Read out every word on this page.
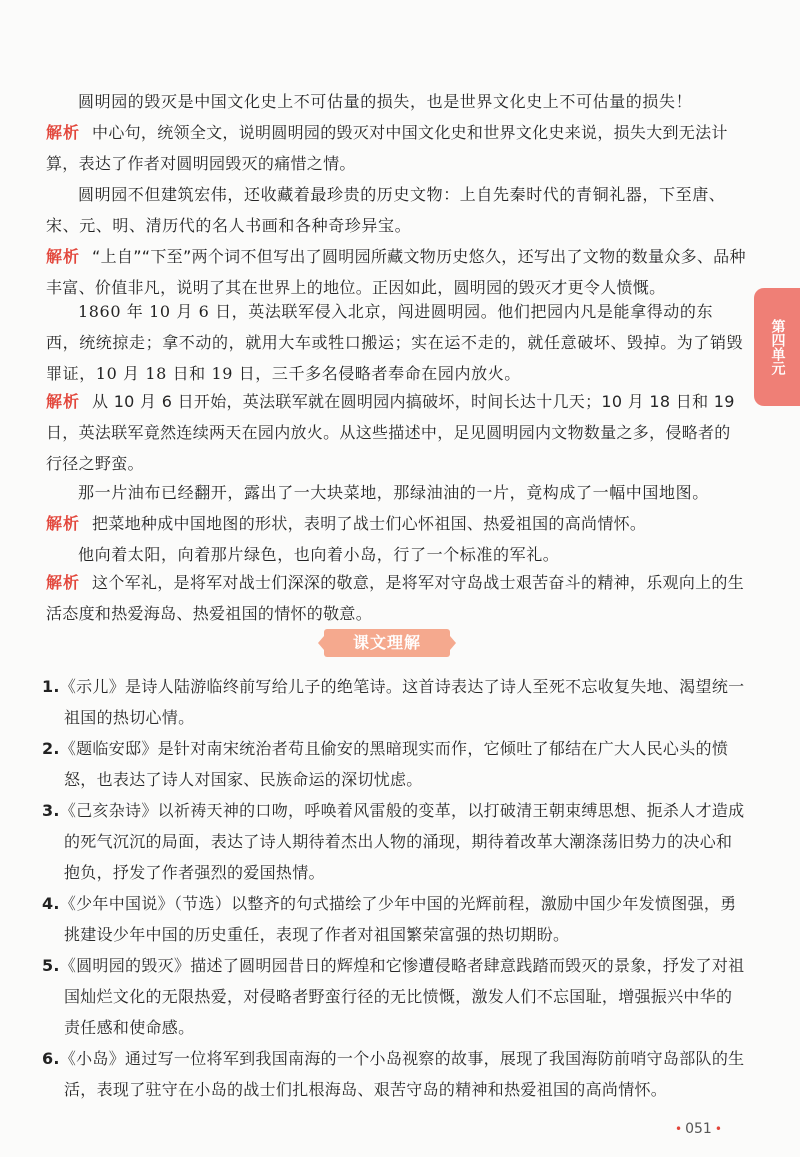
圆明园的毁灭是中国文化史上不可估量的损失，也是世界文化史上不可估量的损失！

解析 中心句，统领全文，说明圆明园的毁灭对中国文化史和世界文化史来说，损失大到无法计算，表达了作者对圆明园毁灭的痛惜之情。

圆明园不但建筑宏伟，还收藏着最珍贵的历史文物：上自先秦时代的青铜礼器，下至唐、宋、元、明、清历代的名人书画和各种奇珍异宝。

解析 “上自”“下至”两个词不但写出了圆明园所藏文物历史悠久，还写出了文物的数量众多、品种丰富、价值非凡，说明了其在世界上的地位。正因如此，圆明园的毁灭才更令人愤慨。

1860 年 10 月 6 日，英法联军侵入北京，闯进圆明园。他们把园内凡是能拿得动的东西，统统掠走；拿不动的，就用大车或牲口搬运；实在运不走的，就任意破坏、毁掉。为了销毁罪证，10 月 18 日和 19 日，三千多名侵略者奉命在园内放火。

解析 从 10 月 6 日开始，英法联军就在圆明园内搞破坏，时间长达十几天；10 月 18 日和 19 日，英法联军竟然连续两天在园内放火。从这些描述中，足见圆明园内文物数量之多，侵略者的行径之野蛮。

那一片油布已经翻开，露出了一大块菜地，那绿油油的一片，竟构成了一幅中国地图。

解析 把菜地种成中国地图的形状，表明了战士们心怀祖国、热爱祖国的高尚情怀。

他向着太阳，向着那片绿色，也向着小岛，行了一个标准的军礼。

解析 这个军礼，是将军对战士们深深的敬意，是将军对守岛战士艰苦奋斗的精神，乐观向上的生活态度和热爱海岛、热爱祖国的情怀的敬意。

第四单元
课文理解
1.《示儿》是诗人陆游临终前写给儿子的绝笔诗。这首诗表达了诗人至死不忘收复失地、渴望统一祖国的热切心情。
2.《题临安邸》是针对南宋统治者苟且偷安的黑暗现实而作，它倾吐了郁结在广大人民心头的愤怒，也表达了诗人对国家、民族命运的深切忧虑。
3.《己亥杂诗》以祈祷天神的口吻，呼唤着风雷般的变革，以打破清王朝束缚思想、扼杀人才造成的死气沉沉的局面，表达了诗人期待着杰出人物的涌现，期待着改革大潮涤荡旧势力的决心和抱负，抒发了作者强烈的爱国热情。
4.《少年中国说》（节选）以整齐的句式描绘了少年中国的光辉前程，激励中国少年发愤图强，勇挑建设少年中国的历史重任，表现了作者对祖国繁荣富强的热切期盼。
5.《圆明园的毁灭》描述了圆明园昔日的辉煌和它惨遭侵略者肆意践踏而毁灭的景象，抒发了对祖国灿烂文化的无限热爱，对侵略者野蛮行径的无比愤慨，激发人们不忘国耻，增强振兴中华的责任感和使命感。
6.《小岛》通过写一位将军到我国南海的一个小岛视察的故事，展现了我国海防前哨守岛部队的生活，表现了驻守在小岛的战士们扎根海岛、艰苦守岛的精神和热爱祖国的高尚情怀。
• 051 •
